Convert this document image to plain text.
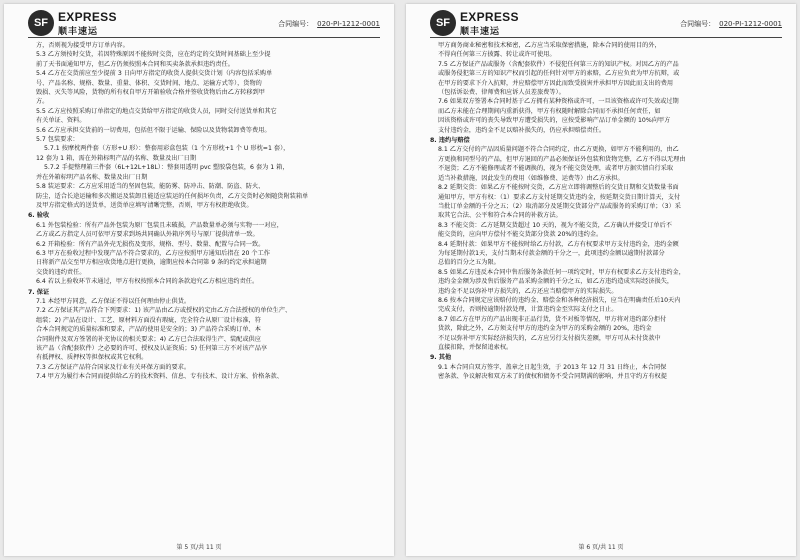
SF EXPRESS
顺丰速运
合同编号： 020-PI-1212-0001

方，否则视为接受甲方订单内容。

5.3 乙方须按时交货，若因特殊原因不能按时交货，应在约定的交货时间基础上至少提

前了天书面通知甲方，但乙方仍须按照本合同和买卖条款承担违约责任。

5.4 乙方在交货前应至少提前 3 日向甲方指定的收货人提供交货计划（内容包括采购单

号、产品名称、规格、数量、重量、体积、交货时间、地点、运输方式等），货物的

毁损、灭失等风险，货物的所有权自甲方开箱验收合格并签收货物后由乙方转移到甲

方。

5.5 乙方应按照采购订单指定的地点交货给甲方指定的收货人员，同时交付送货单和其它

有关单证、资料。

5.6 乙方应承担交货前的一切费用，包括但不限于运输、保险以及货物装卸费等费用。

5.7 包装要求：

5.7.1 按摩枕两件套（方形+U 形）：整套用彩盒包装（1 个方形枕+1 个 U 形枕=1 套），

12 套为 1 箱，需在外箱标明产品的名称、数量及出厂日期

5.7.2 手提整理箱三件套（6L+12L+18L）：整套用透明 pvc 塑胶袋包装，6 套为 1 箱，

并在外箱标明产品名称、数量及出厂日期

5.8 装运要求：乙方应采用适当的坚固包装，能防雾、防冲击、防潮、防盗、防火、

防尘，适合长途运输和多次搬运及装卸且能适应装运的任何损坏负责，乙方交货时必须随货附装箱单

及甲方指定格式的送货单，送货单应填写清晰完整，否则，甲方有权拒绝收货。

6. 验收

6.1 外包装检验：所有产品外包装为原厂包装且未破损，产品数量单必须与实物一一对应，

乙方或乙方指定人员可依甲方要求到场共同确认外箱序列号与原厂提供清单一致。

6.2 开箱检验：所有产品外壳无损伤及变形，规格、型号、数量、配置与合同一致。

6.3 甲方在验收过程中发现产品不符合要求的，乙方应按照甲方通知后指在 20 个工作

日将新产品交至甲方相应收货地点进行更换，逾期应按本合同第 9 条的约定承担逾期

交货的违约责任。

6.4 若以上验收环节未通过，甲方有权按照本合同的条款追究乙方相应违约责任。

7. 保证

7.1 本经甲方同意，乙方保证不得以任何理由停止供货。

7.2 乙方保证其产品符合下列要求：1) 该产品由乙方或授权的定由乙方合法授权的单位生产、

组装；2) 产品在设计、工艺、原材料方面没有瑕疵，完全符合从原厂设计标准，符

合本合同规定的质量标准和要求，产品的使用是安全的；3) 产品符合采购订单、本

合同附件及双方签署的补充协议的相关要求；4) 乙方已合法取得生产、装配或供应

该产品（含配套软件）之必要的许可、授权及认证资质；5) 任何第三方不对该产品享

有抵押权、质押权等担保权或其它权利。

7.3 乙方保证产品符合国家及行业有关环保方面的要求。

7.4 甲方为履行本合同而提供给乙方的技术资料、信息、专有技术、设计方案、价格条款、

第 5 页/共 11 页
SF EXPRESS
顺丰速运
合同编号： 020-PI-1212-0001

甲方商务商业秘密和技术秘密，乙方应当采取保密措施，除本合同的使用目的外，

不得向任何第三方披露、转让或许可使用。

7.5 乙方保证产品或服务（含配套软件）不侵犯任何第三方的知识产权。对因乙方的产品

或服务侵犯第三方的知识产权而引起的任何针对甲方的索赔，乙方应负责为甲方抗辩，或

在甲方的要求下介入抗辩，并应赔偿甲方因此而致受损害并承担甲方因此而支出的费用

（包括诉讼费、律师费和应诉人员差旅费等）。

7.6 如果双方签署本合同时基于乙方拥有某种资格或许可，一旦该资格或许可失效或过期

而乙方未能在合理期间内重新获得，甲方有权随时解除合同而不承担任何责任，如

因该资格或许可的丧失导致甲方遭受损失的，应按受影响产品订单金额的 10%向甲方

支付违约金，违约金不足以赔补损失的，仍应承担赔偿责任。

8. 违约与赔偿

8.1 乙方交付的产品因质量问题不符合合同约定，由乙方更换，如甲方不能利用的，由乙

方更换和同型号的产品，但甲方退回的产品必须保证外包装和货物完整，乙方不得以无理由

不退货；乙方不能修理或者不能调换的，视为不能交货处理，或者甲方据实情自行采取

适当补救措施，因此发生的费用（如维修费、运费等）由乙方承担。

8.2 延期交货：如果乙方不能按时交货，乙方应立即将调整后的交货日期和交货数量书面

通知甲方，甲方有权：（1）要求乙方支付延期交货违约金，按延期交货日期计算天，支付

当批订单金额的千分之五；（2）取消部分及延期交货部分产品或服务的采购订单；（3）采

取其它合法、公平和符合本合同的补救方法。

8.3 不能交货：乙方延期交货超过 10 天的，视为不能交货，乙方确认并接受订单后不

能交货的，应向甲方偿付不能交货部分货款 20%的违约金。

8.4 延期付款：如果甲方不能按时给乙方付款，乙方有权要求甲方支付违约金，违约金额

为每延期付款1天，支付当期未付款金额的千分之一，此项违约金额以逾期付款部分

总值的百分之五为限。

8.5 如果乙方违反本合同中售后服务条款任何一项约定时，甲方有权要求乙方支付违约金，

违约金金额为涉及售后服务产品采购金额的千分之五，如乙方违约造成实际经济损失，

违约金不足以弥补甲方损失的，乙方还应当赔偿甲方的实际损失。

8.6 按本合同规定应该赔付的违约金、赔偿金和各种经济损失，应当在明确责任后10天内

完成支付，否则按逾期付款处理，计算违约金至实际支付之日止。

8.7 如乙方在甲方的产品出现非正品行货，货不对板等情况，甲方将对违约部分拒付

货款，除此之外，乙方须支付甲方的违约金为甲方的采购金额的 20%，违约金

不足以弥补甲方实际经济损失的，乙方应另行支付损失差额，甲方可从未付货款中

直接扣除，并保留追索权。

9. 其他

9.1 本合同自双方签字、盖章之日起生效，于 2013 年 12 月 31 日终止，本合同保

密条款、争议解决和双方未了的债权和债务不受合同期满的影响，并且守约方有权提

第 6 页/共 11 页
